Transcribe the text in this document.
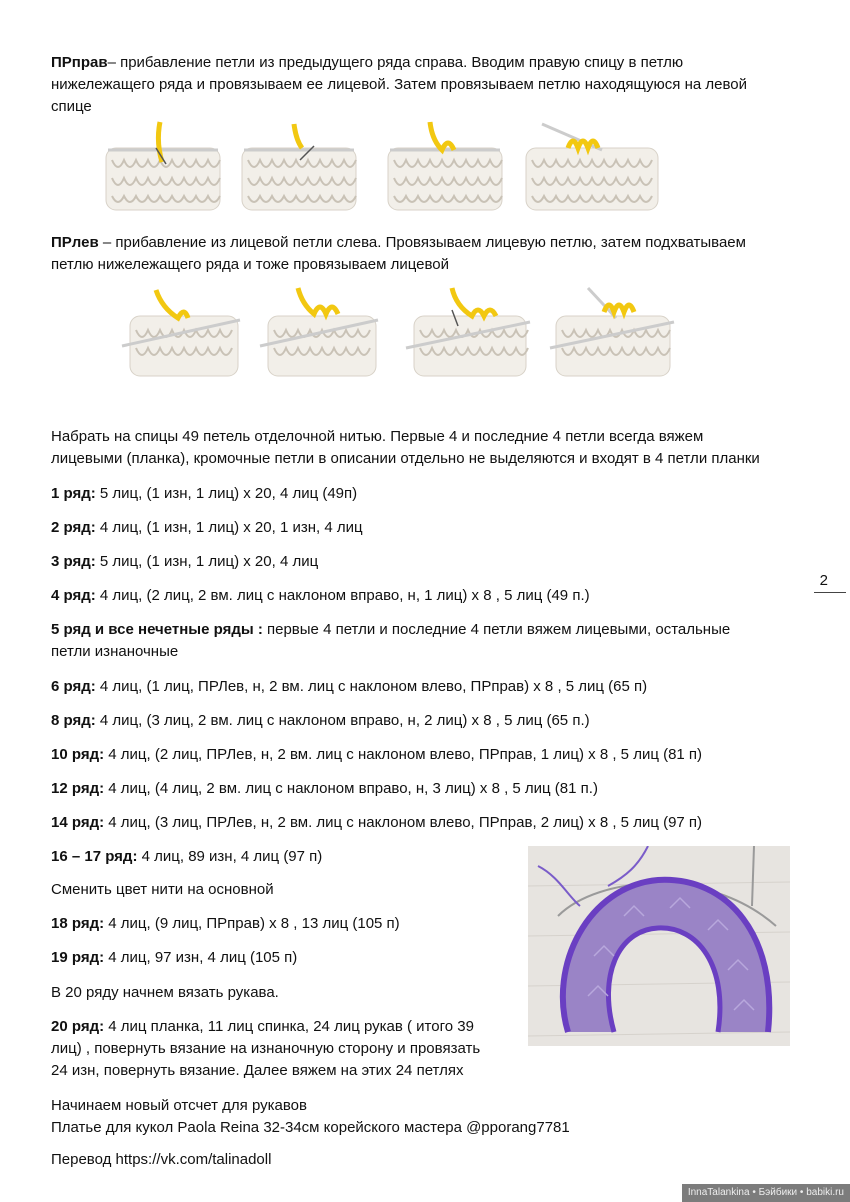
ПРправ– прибавление петли из предыдущего ряда справа. Вводим правую спицу в петлю
нижележащего ряда и провязываем ее лицевой. Затем провязываем петлю находящуюся на левой
спице

ПРлев – прибавление из лицевой петли слева. Провязываем лицевую петлю, затем подхватываем
петлю нижележащего ряда и тоже провязываем лицевой

Набрать на спицы 49 петель отделочной нитью. Первые 4 и последние 4 петли всегда вяжем
лицевыми (планка), кромочные петли в описании отдельно не выделяются и входят в 4 петли планки

1 ряд: 5 лиц, (1 изн, 1 лиц) х 20, 4 лиц (49п)

2 ряд: 4 лиц, (1 изн, 1 лиц) х 20, 1 изн, 4 лиц

3 ряд: 5 лиц, (1 изн, 1 лиц) х 20, 4 лиц

4 ряд: 4 лиц, (2 лиц, 2 вм. лиц с наклоном вправо, н, 1 лиц) х 8 , 5 лиц (49 п.)

5 ряд и все нечетные ряды : первые 4 петли и последние 4 петли вяжем лицевыми, остальные
петли изнаночные

6 ряд: 4 лиц, (1 лиц, ПРЛев, н, 2 вм. лиц с наклоном влево, ПРправ) х 8 , 5 лиц (65 п)

8 ряд: 4 лиц, (3 лиц, 2 вм. лиц с наклоном вправо, н, 2 лиц) х 8 , 5 лиц (65 п.)

10 ряд: 4 лиц, (2 лиц, ПРЛев, н, 2 вм. лиц с наклоном влево, ПРправ, 1 лиц) х 8 , 5 лиц (81 п)

12 ряд: 4 лиц, (4 лиц, 2 вм. лиц с наклоном вправо, н, 3 лиц) х 8 , 5 лиц (81 п.)

14 ряд: 4 лиц, (3 лиц, ПРЛев, н, 2 вм. лиц с наклоном влево, ПРправ, 2 лиц) х 8 , 5 лиц (97 п)

16 – 17 ряд: 4 лиц, 89 изн, 4 лиц (97 п)

Сменить цвет нити на основной

18 ряд: 4 лиц, (9 лиц, ПРправ) х 8 , 13 лиц (105 п)

19 ряд: 4 лиц, 97 изн, 4 лиц (105 п)

В 20 ряду начнем вязать рукава.

20 ряд: 4 лиц планка, 11 лиц спинка, 24 лиц рукав ( итого 39
лиц) , повернуть вязание на изнаночную сторону и провязать
24 изн, повернуть вязание. Далее вяжем на этих 24 петлях

Начинаем новый отсчет для рукавов
Платье для кукол Paola Reina 32-34см корейского мастера @pporang7781

Перевод https://vk.com/talinadoll

2
InnaTalankina • Бэйбики • babiki.ru
